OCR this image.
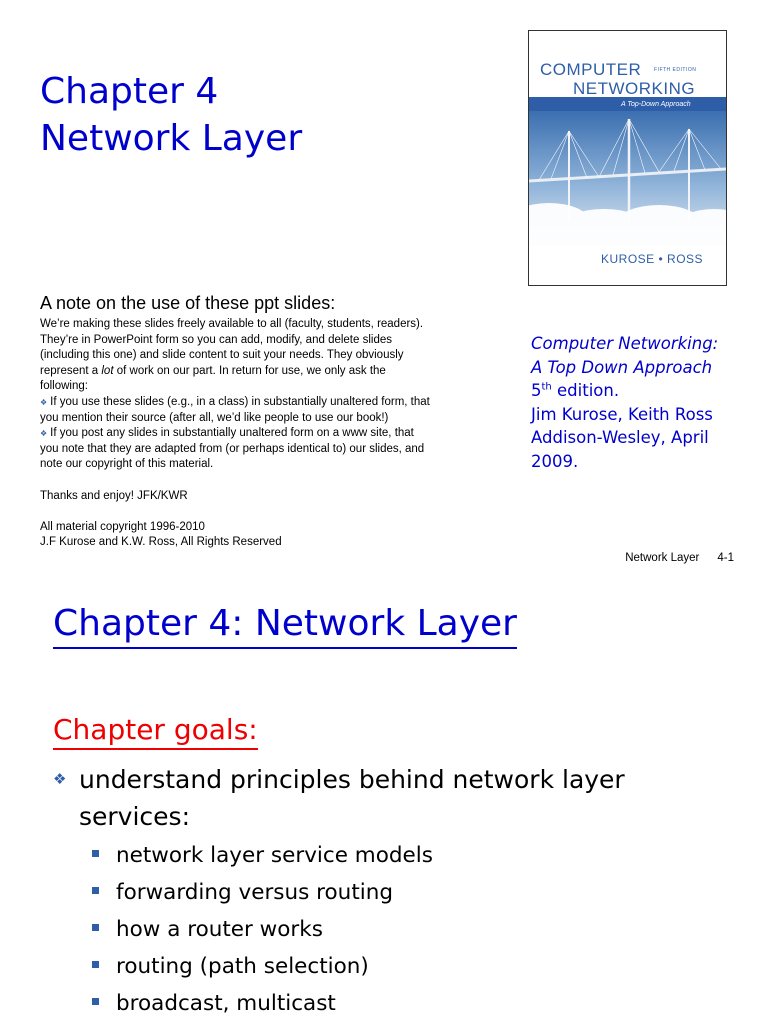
Chapter 4
Network Layer
COMPUTER	FIFTH EDITION
NETWORKING
A Top-Down Approach
KUROSE • ROSS
A note on the use of these ppt slides:

We’re making these slides freely available to all (faculty, students, readers).

They’re in PowerPoint form so you can add, modify, and delete slides

(including this one) and slide content to suit your needs. They obviously

represent a lot of work on our part. In return for use, we only ask the

following:

❖ If you use these slides (e.g., in a class) in substantially unaltered form, that

you mention their source (after all, we’d like people to use our book!)

❖ If you post any slides in substantially unaltered form on a www site, that

you note that they are adapted from (or perhaps identical to) our slides, and

note our copyright of this material.

Thanks and enjoy! JFK/KWR

All material copyright 1996-2010

J.F Kurose and K.W. Ross, All Rights Reserved

Computer Networking:
A Top Down Approach
5th edition.
Jim Kurose, Keith Ross
Addison-Wesley, April
2009.
Network Layer 4-1
Chapter 4: Network Layer
Chapter goals:
❖ understand principles behind network layer services:
network layer service models
forwarding versus routing
how a router works
routing (path selection)
broadcast, multicast
